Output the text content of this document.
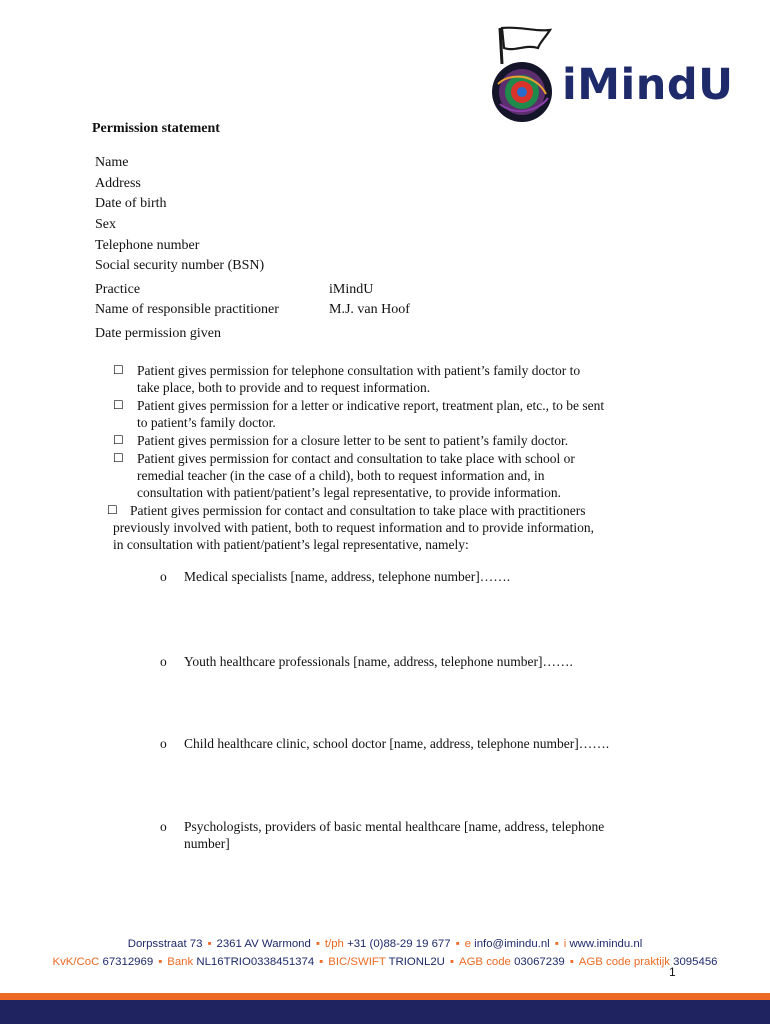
iMindU
Permission statement
Name
Address
Date of birth
Sex
Telephone number
Social security number (BSN)
Practice	iMindU
Name of responsible practitioner	M.J. van Hoof
Date permission given
☐ Patient gives permission for telephone consultation with patient’s family doctor to
take place, both to provide and to request information.
☐ Patient gives permission for a letter or indicative report, treatment plan, etc., to be sent
to patient’s family doctor.
☐ Patient gives permission for a closure letter to be sent to patient’s family doctor.
☐ Patient gives permission for contact and consultation to take place with school or
remedial teacher (in the case of a child), both to request information and, in
consultation with patient/patient’s legal representative, to provide information.
☐ Patient gives permission for contact and consultation to take place with practitioners
previously involved with patient, both to request information and to provide information,
in consultation with patient/patient’s legal representative, namely:
o	Medical specialists [name, address, telephone number]…….
o	Youth healthcare professionals [name, address, telephone number]…….
o	Child healthcare clinic, school doctor [name, address, telephone number]…….
o	Psychologists, providers of basic mental healthcare [name, address, telephone
number]
Dorpsstraat 73 ▪ 2361 AV Warmond ▪ t/ph +31 (0)88-29 19 677 ▪ e info@imindu.nl ▪ i www.imindu.nl
KvK/CoC 67312969 ▪ Bank NL16TRIO0338451374 ▪ BIC/SWIFT TRIONL2U ▪ AGB code 03067239 ▪ AGB code praktijk 3095456
1
